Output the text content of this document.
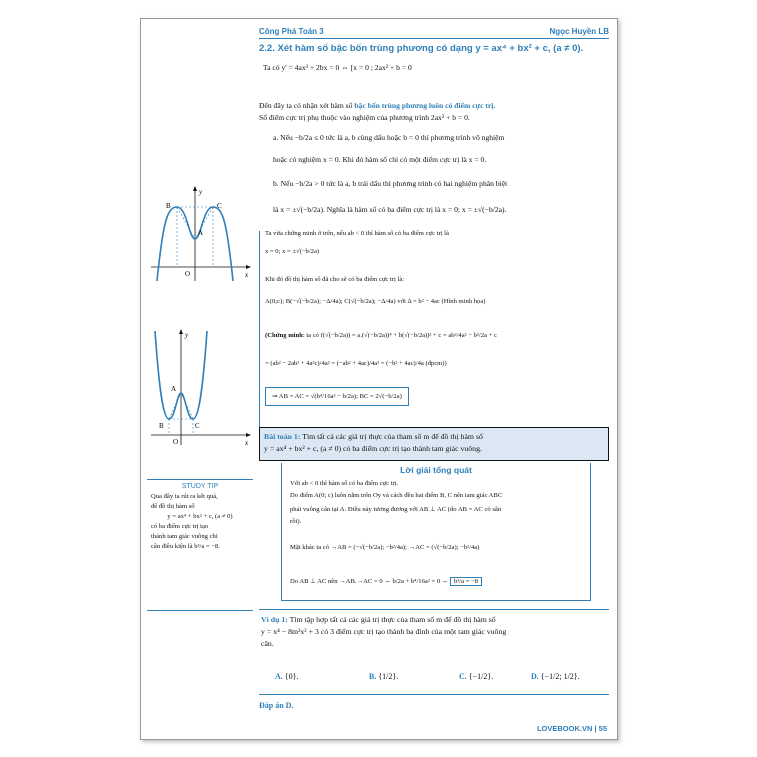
Công Phá Toán 3	Ngọc Huyền LB
2.2. Xét hàm số bậc bốn trùng phương có dạng y = ax⁴ + bx² + c, (a ≠ 0).
Ta có y' = 4ax³ + 2bx = 0 ⇔ [x = 0 ; 2ax² + b = 0
Đến đây ta có nhận xét hàm số bậc bốn trùng phương luôn có điểm cực trị.
Số điểm cực trị phụ thuộc vào nghiệm của phương trình 2ax² + b = 0.
a. Nếu −b/2a ≤ 0 tức là a, b cùng dấu hoặc b = 0 thì phương trình vô nghiệm
hoặc có nghiệm x = 0. Khi đó hàm số chỉ có một điểm cực trị là x = 0.
b. Nếu −b/2a > 0 tức là a, b trái dấu thì phương trình có hai nghiệm phân biệt
là x = ±√(−b/2a). Nghĩa là hàm số có ba điểm cực trị là x = 0; x = ±√(−b/2a).
Ta vừa chứng minh ở trên, nếu ab < 0 thì hàm số có ba điểm cực trị là
x = 0; x = ±√(−b/2a)
Khi đó đồ thị hàm số đã cho sẽ có ba điểm cực trị là:
A(0;c); B(−√(−b/2a); −Δ/4a); C(√(−b/2a); −Δ/4a) với Δ = b² − 4ac (Hình minh họa)
(Chứng minh: ta có f(√(−b/2a)) = a.(√(−b/2a))⁴ + b(√(−b/2a))² + c = ab²/4a² − b²/2a + c
= (ab² − 2ab² + 4a²c)/4a² = (−ab² + 4ac)/4a² = (−b² + 4ac)/4a (đpcm))
⇒ AB = AC = √(b⁴/16a² − b/2a); BC = 2√(−b/2a)
y
B	C
A
O	x
y
A
B	C
O	x
Bài toán 1: Tìm tất cả các giá trị thực của tham số m để đồ thị hàm số
y = ax⁴ + bx² + c, (a ≠ 0) có ba điểm cực trị tạo thành tam giác vuông.
Lời giải tổng quát
Với ab < 0 thì hàm số có ba điểm cực trị.
Do điểm A(0; c) luôn nằm trên Oy và cách đều hai điểm B, C nên tam giác ABC
phải vuông cân tại A. Điều này tương đương với AB ⊥ AC (do AB = AC có sẵn
rồi).
Mặt khác ta có →AB = (−√(−b/2a); −b²/4a); →AC = (√(−b/2a); −b²/4a)
Do AB ⊥ AC nên →AB.→AC = 0 ⇔ b/2a + b⁴/16a² = 0 ⇔ b³/a = −8
STUDY TIP
Qua đây ta rút ra kết quả,
để đồ thị hàm số
y = ax⁴ + bx² + c, (a ≠ 0)
có ba điểm cực trị tạo
thành tam giác vuông chỉ
cần điều kiện là b³/a = −8.
Ví dụ 1: Tìm tập hợp tất cả các giá trị thực của tham số m để đồ thị hàm số
y = x⁴ − 8m²x² + 3 có 3 điểm cực trị tạo thành ba đỉnh của một tam giác vuông
cân.
A. {0}.	B. {1/2}.	C. {−1/2}.	D. {−1/2; 1/2}.
Đáp án D.
LOVEBOOK.VN | 55
